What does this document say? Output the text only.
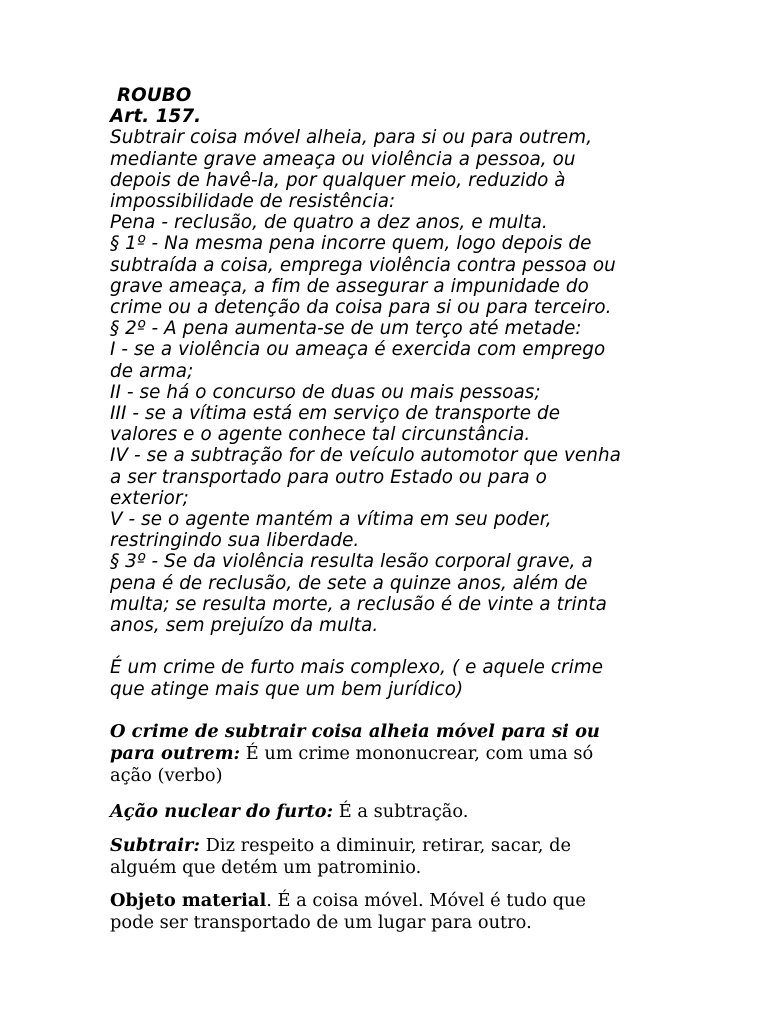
ROUBO
Art. 157.
Subtrair coisa móvel alheia, para si ou para outrem,
mediante grave ameaça ou violência a pessoa, ou
depois de havê-la, por qualquer meio, reduzido à
impossibilidade de resistência:
Pena - reclusão, de quatro a dez anos, e multa.
§ 1º - Na mesma pena incorre quem, logo depois de
subtraída a coisa, emprega violência contra pessoa ou
grave ameaça, a fim de assegurar a impunidade do
crime ou a detenção da coisa para si ou para terceiro.
§ 2º - A pena aumenta-se de um terço até metade:
I - se a violência ou ameaça é exercida com emprego
de arma;
II - se há o concurso de duas ou mais pessoas;
III - se a vítima está em serviço de transporte de
valores e o agente conhece tal circunstância.
IV - se a subtração for de veículo automotor que venha
a ser transportado para outro Estado ou para o
exterior;
V - se o agente mantém a vítima em seu poder,
restringindo sua liberdade.
§ 3º - Se da violência resulta lesão corporal grave, a
pena é de reclusão, de sete a quinze anos, além de
multa; se resulta morte, a reclusão é de vinte a trinta
anos, sem prejuízo da multa.
É um crime de furto mais complexo, ( e aquele crime
que atinge mais que um bem jurídico)
O crime de subtrair coisa alheia móvel para si ou
para outrem: É um crime mononucrear, com uma só
ação (verbo)
Ação nuclear do furto: É a subtração.
Subtrair: Diz respeito a diminuir, retirar, sacar, de
alguém que detém um patrominio.
Objeto material. É a coisa móvel. Móvel é tudo que
pode ser transportado de um lugar para outro.
